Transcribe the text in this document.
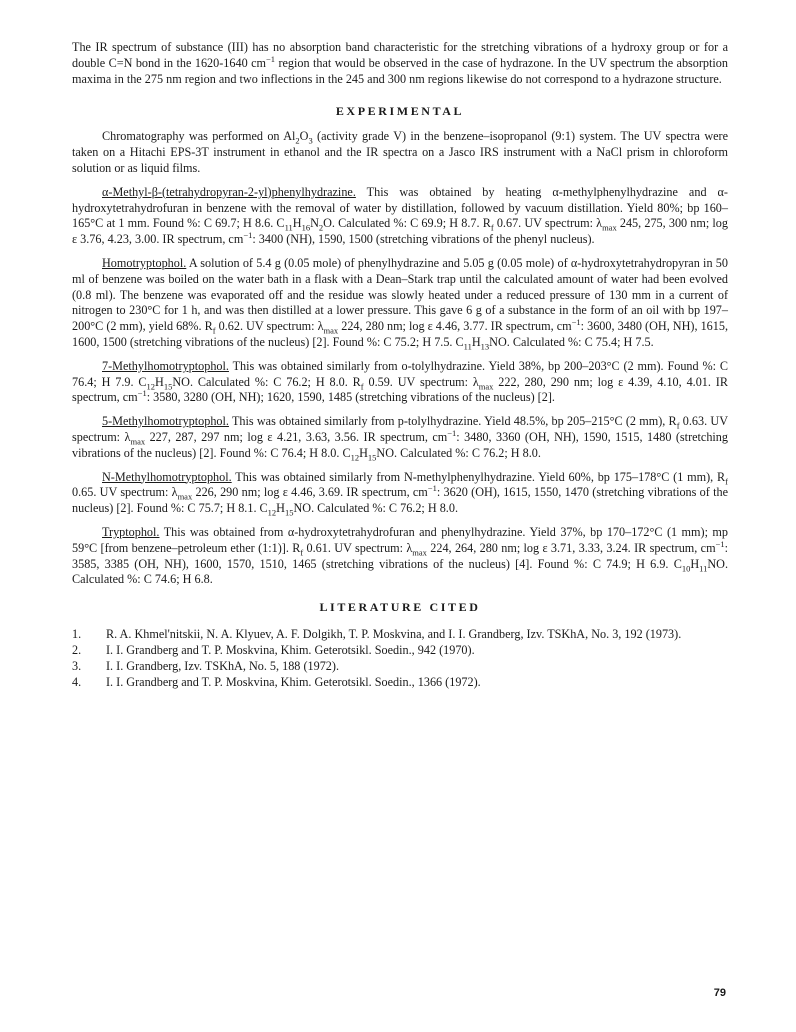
The IR spectrum of substance (III) has no absorption band characteristic for the stretching vibrations of a hydroxy group or for a double C=N bond in the 1620-1640 $cm^{-1}$ region that would be observed in the case of hydrazone. In the UV spectrum the absorption maxima in the 275 nm region and two inflections in the 245 and 300 nm regions likewise do not correspond to a hydrazone structure.

EXPERIMENTAL

Chromatography was performed on $Al_2O_3$ (activity grade V) in the benzene–isopropanol (9:1) system. The UV spectra were taken on a Hitachi EPS-3T instrument in ethanol and the IR spectra on a Jasco IRS instrument with a NaCl prism in chloroform solution or as liquid films.

α-Methyl-β-(tetrahydropyran-2-yl)phenylhydrazine. This was obtained by heating α-methylphenylhydrazine and α-hydroxytetrahydrofuran in benzene with the removal of water by distillation, followed by vacuum distillation. Yield 80%; bp 160–165°C at 1 mm. Found %: C 69.7; H 8.6. $C_{11}H_{16}N_2O$. Calculated %: C 69.9; H 8.7. $R_f$ 0.67. UV spectrum: $\lambda_{max}$ 245, 275, 300 nm; log ε 3.76, 4.23, 3.00. IR spectrum, $cm^{-1}$: 3400 (NH), 1590, 1500 (stretching vibrations of the phenyl nucleus).

Homotryptophol. A solution of 5.4 g (0.05 mole) of phenylhydrazine and 5.05 g (0.05 mole) of α-hydroxytetrahydropyran in 50 ml of benzene was boiled on the water bath in a flask with a Dean–Stark trap until the calculated amount of water had been evolved (0.8 ml). The benzene was evaporated off and the residue was slowly heated under a reduced pressure of 130 mm in a current of nitrogen to 230°C for 1 h, and was then distilled at a lower pressure. This gave 6 g of a substance in the form of an oil with bp 197–200°C (2 mm), yield 68%. $R_f$ 0.62. UV spectrum: $\lambda_{max}$ 224, 280 nm; log ε 4.46, 3.77. IR spectrum, $cm^{-1}$: 3600, 3480 (OH, NH), 1615, 1600, 1500 (stretching vibrations of the nucleus) [2]. Found %: C 75.2; H 7.5. $C_{11}H_{13}NO$. Calculated %: C 75.4; H 7.5.

7-Methylhomotryptophol. This was obtained similarly from o-tolylhydrazine. Yield 38%, bp 200–203°C (2 mm). Found %: C 76.4; H 7.9. $C_{12}H_{15}NO$. Calculated %: C 76.2; H 8.0. $R_f$ 0.59. UV spectrum: $\lambda_{max}$ 222, 280, 290 nm; log ε 4.39, 4.10, 4.01. IR spectrum, $cm^{-1}$: 3580, 3280 (OH, NH); 1620, 1590, 1485 (stretching vibrations of the nucleus) [2].

5-Methylhomotryptophol. This was obtained similarly from p-tolylhydrazine. Yield 48.5%, bp 205–215°C (2 mm), $R_f$ 0.63. UV spectrum: $\lambda_{max}$ 227, 287, 297 nm; log ε 4.21, 3.63, 3.56. IR spectrum, $cm^{-1}$: 3480, 3360 (OH, NH), 1590, 1515, 1480 (stretching vibrations of the nucleus) [2]. Found %: C 76.4; H 8.0. $C_{12}H_{15}NO$. Calculated %: C 76.2; H 8.0.

N-Methylhomotryptophol. This was obtained similarly from N-methylphenylhydrazine. Yield 60%, bp 175–178°C (1 mm), $R_f$ 0.65. UV spectrum: $\lambda_{max}$ 226, 290 nm; log ε 4.46, 3.69. IR spectrum, $cm^{-1}$: 3620 (OH), 1615, 1550, 1470 (stretching vibrations of the nucleus) [2]. Found %: C 75.7; H 8.1. $C_{12}H_{15}NO$. Calculated %: C 76.2; H 8.0.

Tryptophol. This was obtained from α-hydroxytetrahydrofuran and phenylhydrazine. Yield 37%, bp 170–172°C (1 mm); mp 59°C [from benzene–petroleum ether (1:1)]. $R_f$ 0.61. UV spectrum: $\lambda_{max}$ 224, 264, 280 nm; log ε 3.71, 3.33, 3.24. IR spectrum, $cm^{-1}$: 3585, 3385 (OH, NH), 1600, 1570, 1510, 1465 (stretching vibrations of the nucleus) [4]. Found %: C 74.9; H 6.9. $C_{10}H_{11}NO$. Calculated %: C 74.6; H 6.8.

LITERATURE CITED
1.	R. A. Khmel'nitskii, N. A. Klyuev, A. F. Dolgikh, T. P. Moskvina, and I. I. Grandberg, Izv. TSKhA, No. 3, 192 (1973).
2.	I. I. Grandberg and T. P. Moskvina, Khim. Geterotsikl. Soedin., 942 (1970).
3.	I. I. Grandberg, Izv. TSKhA, No. 5, 188 (1972).
4.	I. I. Grandberg and T. P. Moskvina, Khim. Geterotsikl. Soedin., 1366 (1972).
79
